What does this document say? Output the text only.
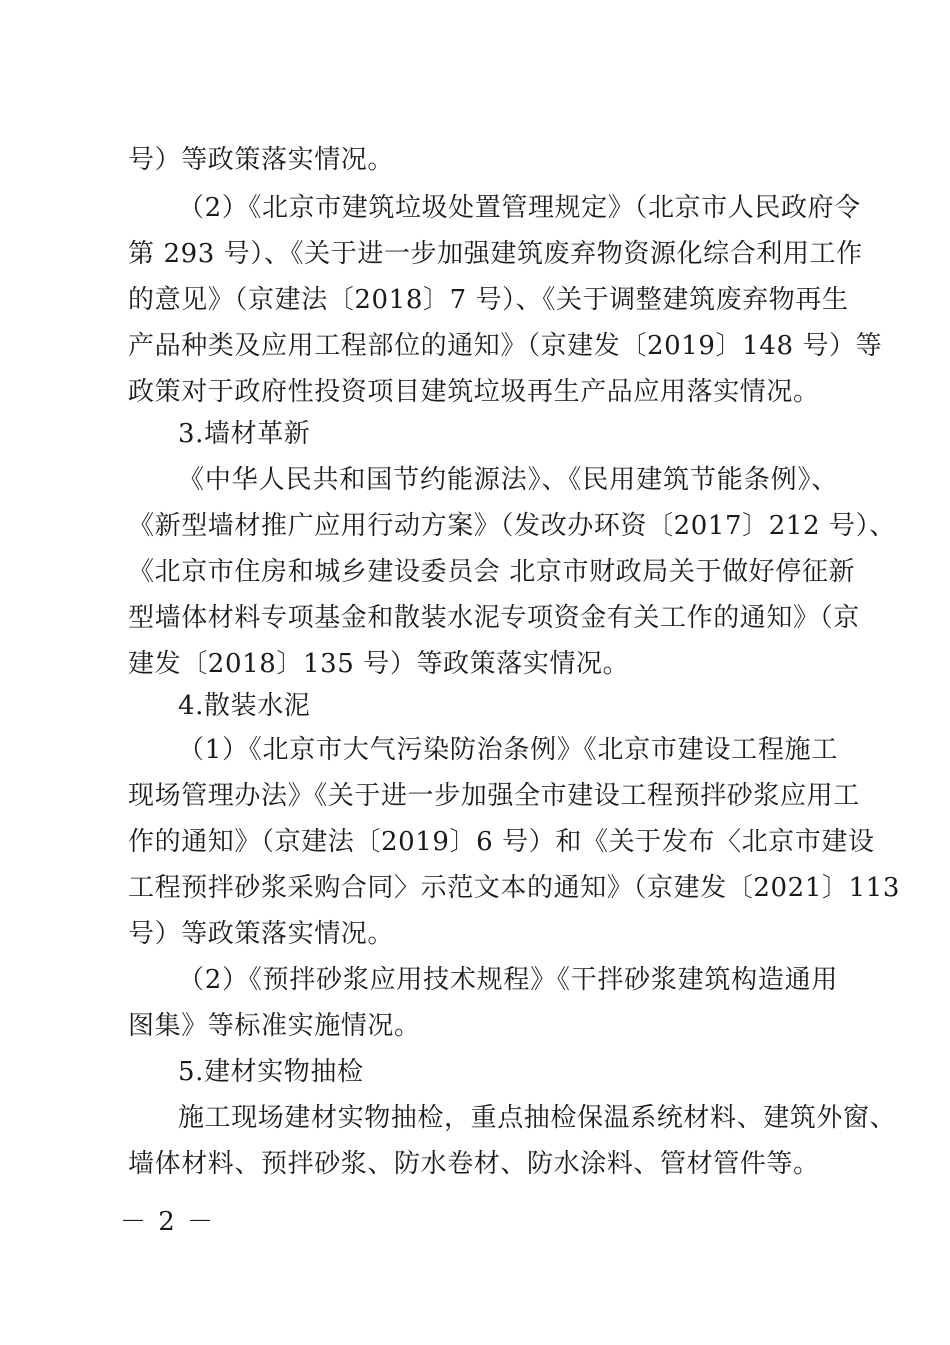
号）等政策落实情况。
（2）《北京市建筑垃圾处置管理规定》（北京市人民政府令
第 293 号）、《关于进一步加强建筑废弃物资源化综合利用工作
的意见》（京建法〔2018〕7 号）、《关于调整建筑废弃物再生
产品种类及应用工程部位的通知》（京建发〔2019〕148 号）等
政策对于政府性投资项目建筑垃圾再生产品应用落实情况。
3.墙材革新
《中华人民共和国节约能源法》、《民用建筑节能条例》、
《新型墙材推广应用行动方案》（发改办环资〔2017〕212 号）、
《北京市住房和城乡建设委员会 北京市财政局关于做好停征新
型墙体材料专项基金和散装水泥专项资金有关工作的通知》（京
建发〔2018〕135 号）等政策落实情况。
4.散装水泥
（1）《北京市大气污染防治条例》《北京市建设工程施工
现场管理办法》《关于进一步加强全市建设工程预拌砂浆应用工
作的通知》（京建法〔2019〕6 号）和《关于发布〈北京市建设
工程预拌砂浆采购合同〉示范文本的通知》（京建发〔2021〕113
号）等政策落实情况。
（2）《预拌砂浆应用技术规程》《干拌砂浆建筑构造通用
图集》等标准实施情况。
5.建材实物抽检
施工现场建材实物抽检，重点抽检保温系统材料、建筑外窗、
墙体材料、预拌砂浆、防水卷材、防水涂料、管材管件等。
－ 2 －
